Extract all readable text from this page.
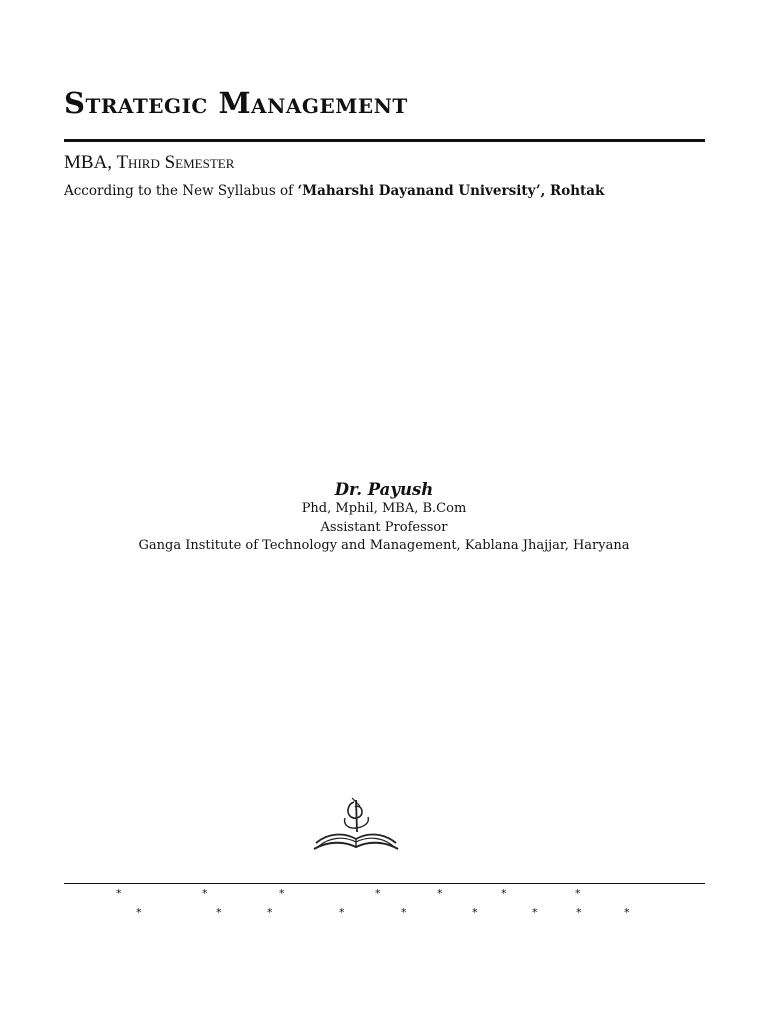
Strategic Management
MBA, Third Semester
According to the New Syllabus of ‘Maharshi Dayanand University’, Rohtak
Dr. Payush
Phd, Mphil, MBA, B.Com
Assistant Professor
Ganga Institute of Technology and Management, Kablana Jhajjar, Haryana
*	*	*	*	*	*	*
*	*	*	*	*	*	*	*	*
